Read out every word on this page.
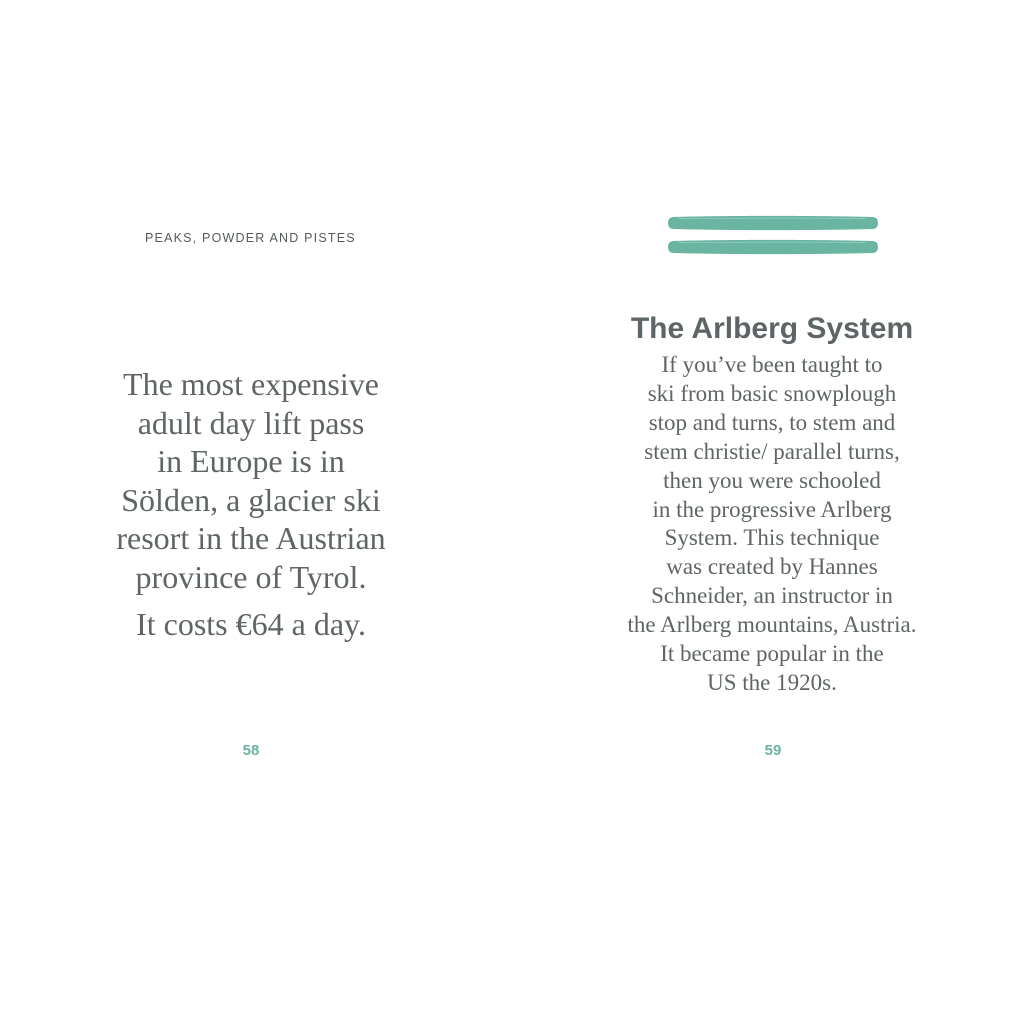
PEAKS, POWDER AND PISTES

The most expensive
adult day lift pass
in Europe is in
Sölden, a glacier ski
resort in the Austrian
province of Tyrol.

It costs €64 a day.

58
The Arlberg System
If you’ve been taught to
ski from basic snowplough
stop and turns, to stem and
stem christie/ parallel turns,
then you were schooled
in the progressive Arlberg
System. This technique
was created by Hannes
Schneider, an instructor in
the Arlberg mountains, Austria.
It became popular in the
US the 1920s.
59
